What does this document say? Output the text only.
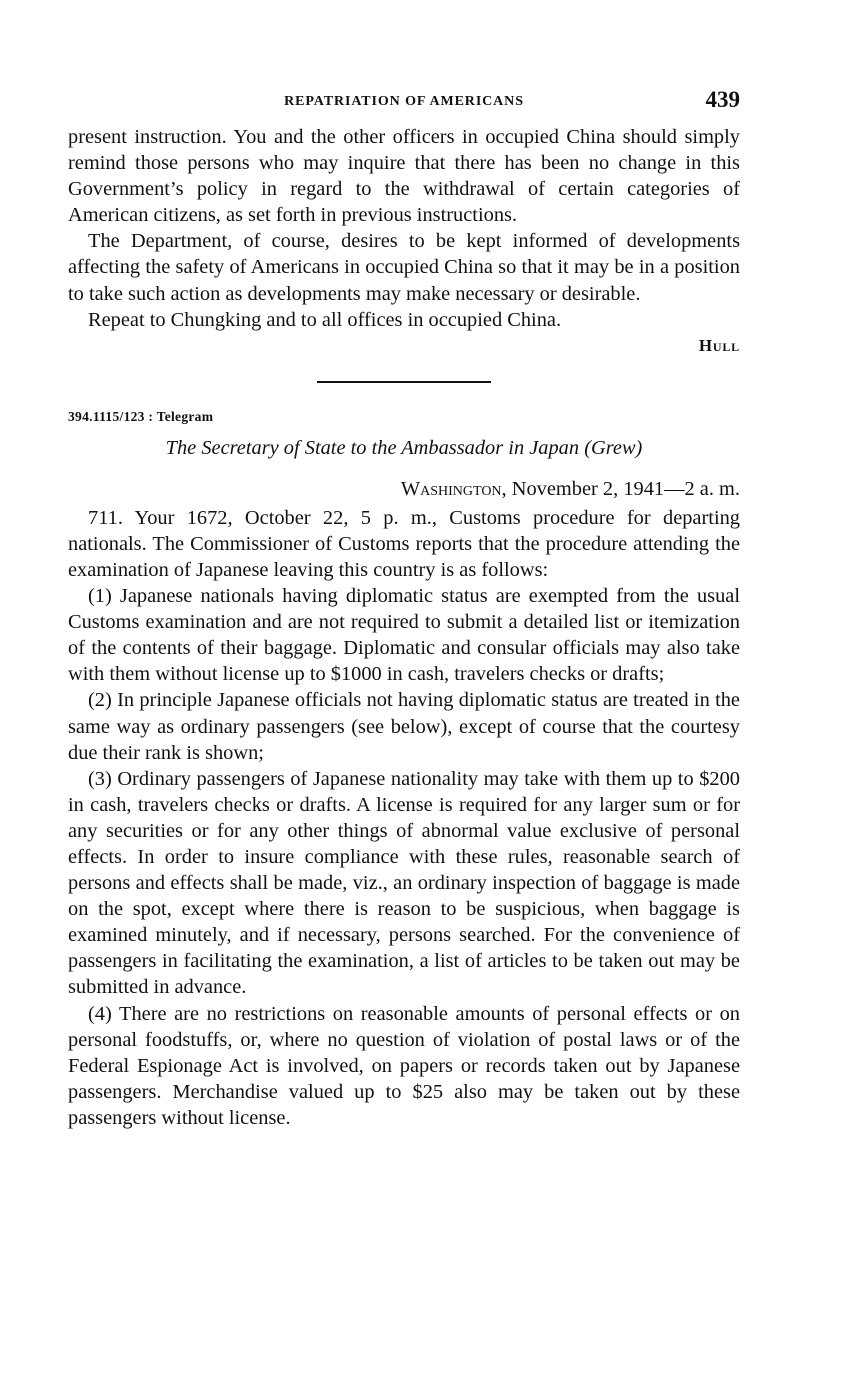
REPATRIATION OF AMERICANS	439

present instruction. You and the other officers in occupied China should simply remind those persons who may inquire that there has been no change in this Government’s policy in regard to the withdrawal of certain categories of American citizens, as set forth in previous instructions.

The Department, of course, desires to be kept informed of developments affecting the safety of Americans in occupied China so that it may be in a position to take such action as developments may make necessary or desirable.

Repeat to Chungking and to all offices in occupied China.

Hull

394.1115/123 : Telegram

The Secretary of State to the Ambassador in Japan (Grew)

Washington, November 2, 1941—2 a. m.

711. Your 1672, October 22, 5 p. m., Customs procedure for departing nationals. The Commissioner of Customs reports that the procedure attending the examination of Japanese leaving this country is as follows:

(1) Japanese nationals having diplomatic status are exempted from the usual Customs examination and are not required to submit a detailed list or itemization of the contents of their baggage. Diplomatic and consular officials may also take with them without license up to $1000 in cash, travelers checks or drafts;

(2) In principle Japanese officials not having diplomatic status are treated in the same way as ordinary passengers (see below), except of course that the courtesy due their rank is shown;

(3) Ordinary passengers of Japanese nationality may take with them up to $200 in cash, travelers checks or drafts. A license is required for any larger sum or for any securities or for any other things of abnormal value exclusive of personal effects. In order to insure compliance with these rules, reasonable search of persons and effects shall be made, viz., an ordinary inspection of baggage is made on the spot, except where there is reason to be suspicious, when baggage is examined minutely, and if necessary, persons searched. For the convenience of passengers in facilitating the examination, a list of articles to be taken out may be submitted in advance.

(4) There are no restrictions on reasonable amounts of personal effects or on personal foodstuffs, or, where no question of violation of postal laws or of the Federal Espionage Act is involved, on papers or records taken out by Japanese passengers. Merchandise valued up to $25 also may be taken out by these passengers without license.
